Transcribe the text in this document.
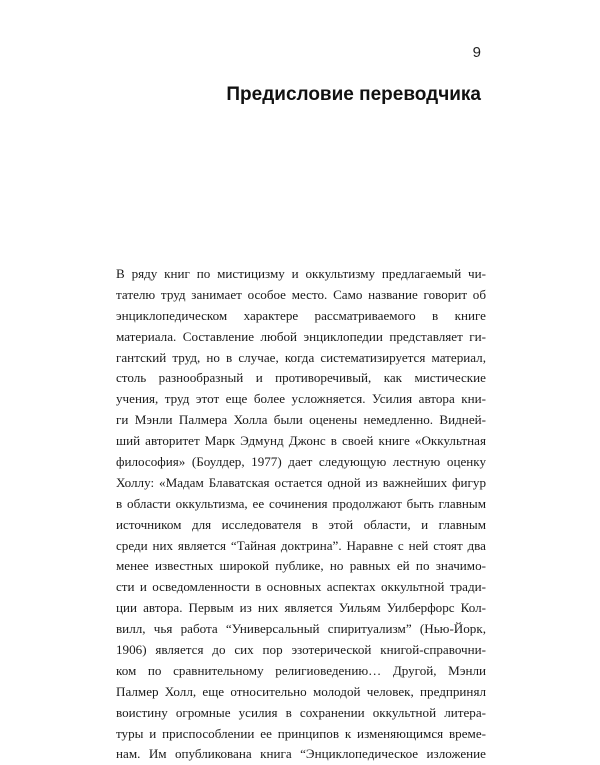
9
Предисловие переводчика
В ряду книг по мистицизму и оккультизму предлагаемый чи-
тателю труд занимает особое место. Само название говорит об
энциклопедическом характере рассматриваемого в книге
материала. Составление любой энциклопедии представляет ги-
гантский труд, но в случае, когда систематизируется материал,
столь разнообразный и противоречивый, как мистические
учения, труд этот еще более усложняется. Усилия автора кни-
ги Мэнли Палмера Холла были оценены немедленно. Видней-
ший авторитет Марк Эдмунд Джонс в своей книге «Оккультная
философия» (Боулдер, 1977) дает следующую лестную оценку
Холлу: «Мадам Блаватская остается одной из важнейших фигур
в области оккультизма, ее сочинения продолжают быть главным
источником для исследователя в этой области, и главным
среди них является “Тайная доктрина”. Наравне с ней стоят два
менее известных широкой публике, но равных ей по значимо-
сти и осведомленности в основных аспектах оккультной тради-
ции автора. Первым из них является Уильям Уилберфорс Кол-
вилл, чья работа “Универсальный спиритуализм” (Нью-Йорк,
1906) является до сих пор эзотерической книгой-справочни-
ком по сравнительному религиоведению… Другой, Мэнли
Палмер Холл, еще относительно молодой человек, предпринял
воистину огромные усилия в сохранении оккультной литера-
туры и приспособлении ее принципов к изменяющимся време-
нам. Им опубликована книга “Энциклопедическое изложение
